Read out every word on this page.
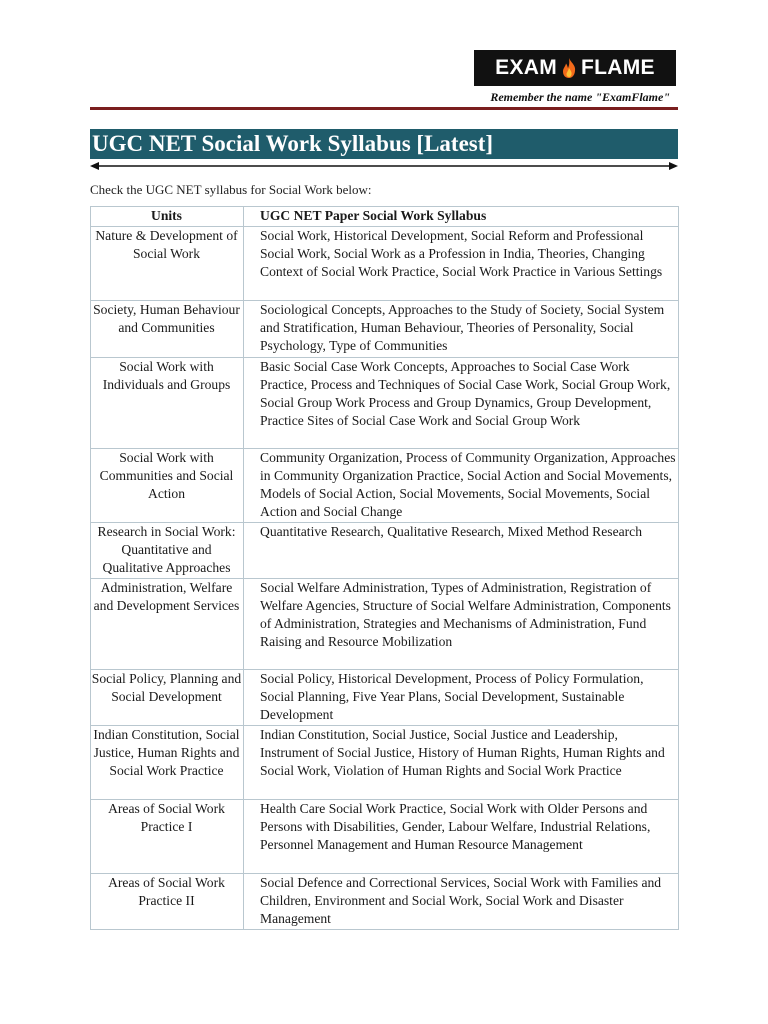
EXAM FLAME
Remember the name "ExamFlame"
UGC NET Social Work Syllabus [Latest]
Check the UGC NET syllabus for Social Work below:
Units	UGC NET Paper Social Work Syllabus
Nature & Development of Social Work	Social Work, Historical Development, Social Reform and Professional Social Work, Social Work as a Profession in India, Theories, Changing Context of Social Work Practice, Social Work Practice in Various Settings
Society, Human Behaviour and Communities	Sociological Concepts, Approaches to the Study of Society, Social System and Stratification, Human Behaviour, Theories of Personality, Social Psychology, Type of Communities
Social Work with Individuals and Groups	Basic Social Case Work Concepts, Approaches to Social Case Work Practice, Process and Techniques of Social Case Work, Social Group Work, Social Group Work Process and Group Dynamics, Group Development, Practice Sites of Social Case Work and Social Group Work
Social Work with Communities and Social Action	Community Organization, Process of Community Organization, Approaches in Community Organization Practice, Social Action and Social Movements, Models of Social Action, Social Movements, Social Movements, Social Action and Social Change
Research in Social Work: Quantitative and Qualitative Approaches	Quantitative Research, Qualitative Research, Mixed Method Research
Administration, Welfare and Development Services	Social Welfare Administration, Types of Administration, Registration of Welfare Agencies, Structure of Social Welfare Administration, Components of Administration, Strategies and Mechanisms of Administration, Fund Raising and Resource Mobilization
Social Policy, Planning and Social Development	Social Policy, Historical Development, Process of Policy Formulation, Social Planning, Five Year Plans, Social Development, Sustainable Development
Indian Constitution, Social Justice, Human Rights and Social Work Practice	Indian Constitution, Social Justice, Social Justice and Leadership, Instrument of Social Justice, History of Human Rights, Human Rights and Social Work, Violation of Human Rights and Social Work Practice
Areas of Social Work Practice I	Health Care Social Work Practice, Social Work with Older Persons and Persons with Disabilities, Gender, Labour Welfare, Industrial Relations, Personnel Management and Human Resource Management
Areas of Social Work Practice II	Social Defence and Correctional Services, Social Work with Families and Children, Environment and Social Work, Social Work and Disaster Management
